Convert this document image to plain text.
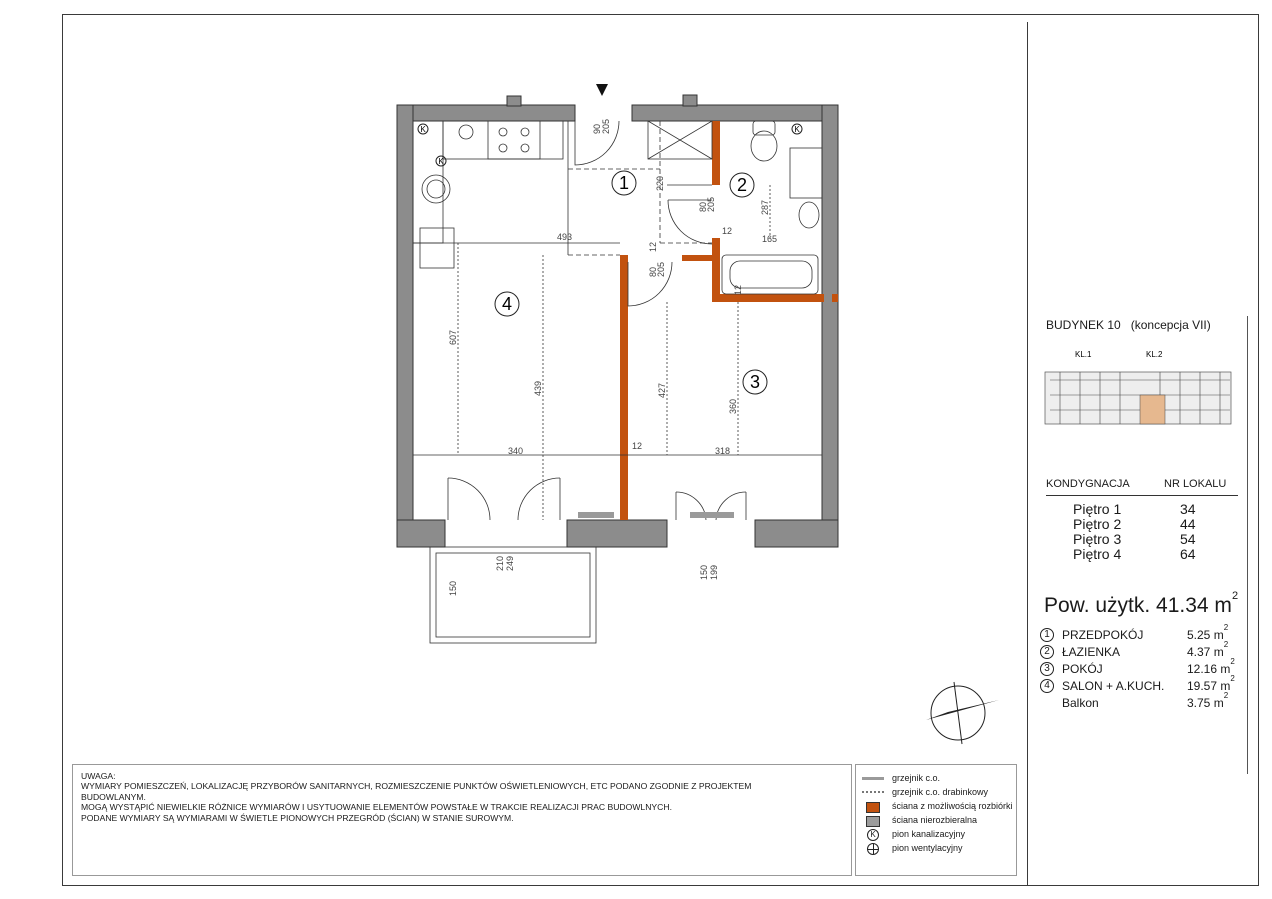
1	2
3
4
90 205
220
287
80
205
12
165
493
12
80
205
12
607
439	427
360
340	12	318
150
210 249
150 199
K	K
K
KL.1	KL.2
BUDYNEK 10 (koncepcja VII)
KONDYGNACJA	NR LOKALU
Piętro 1	34
Piętro 2	44
Piętro 3	54
Piętro 4	64
Pow. użytk. 41.34 $m^2$
1	PRZEDPOKÓJ	5.25 $m^2$
2	ŁAZIENKA	4.37 $m^2$
3	POKÓJ	12.16 $m^2$
4	SALON + A.KUCH. 19.57 $m^2$
Balkon	3.75 $m^2$
UWAGA:
WYMIARY POMIESZCZEŃ, LOKALIZACJĘ PRZYBORÓW SANITARNYCH, ROZMIESZCZENIE PUNKTÓW OŚWIETLENIOWYCH, ETC PODANO ZGODNIE Z PROJEKTEM
BUDOWLANYM.
MOGĄ WYSTĄPIĆ NIEWIELKIE RÓŻNICE WYMIARÓW I USYTUOWANIE ELEMENTÓW POWSTAŁE W TRAKCIE REALIZACJI PRAC BUDOWLNYCH.
PODANE WYMIARY SĄ WYMIARAMI W ŚWIETLE PIONOWYCH PRZEGRÓD (ŚCIAN) W STANIE SUROWYM.
grzejnik c.o.
grzejnik c.o. drabinkowy
ściana z możliwością rozbiórki
ściana nierozbieralna
K	pion kanalizacyjny
pion wentylacyjny
